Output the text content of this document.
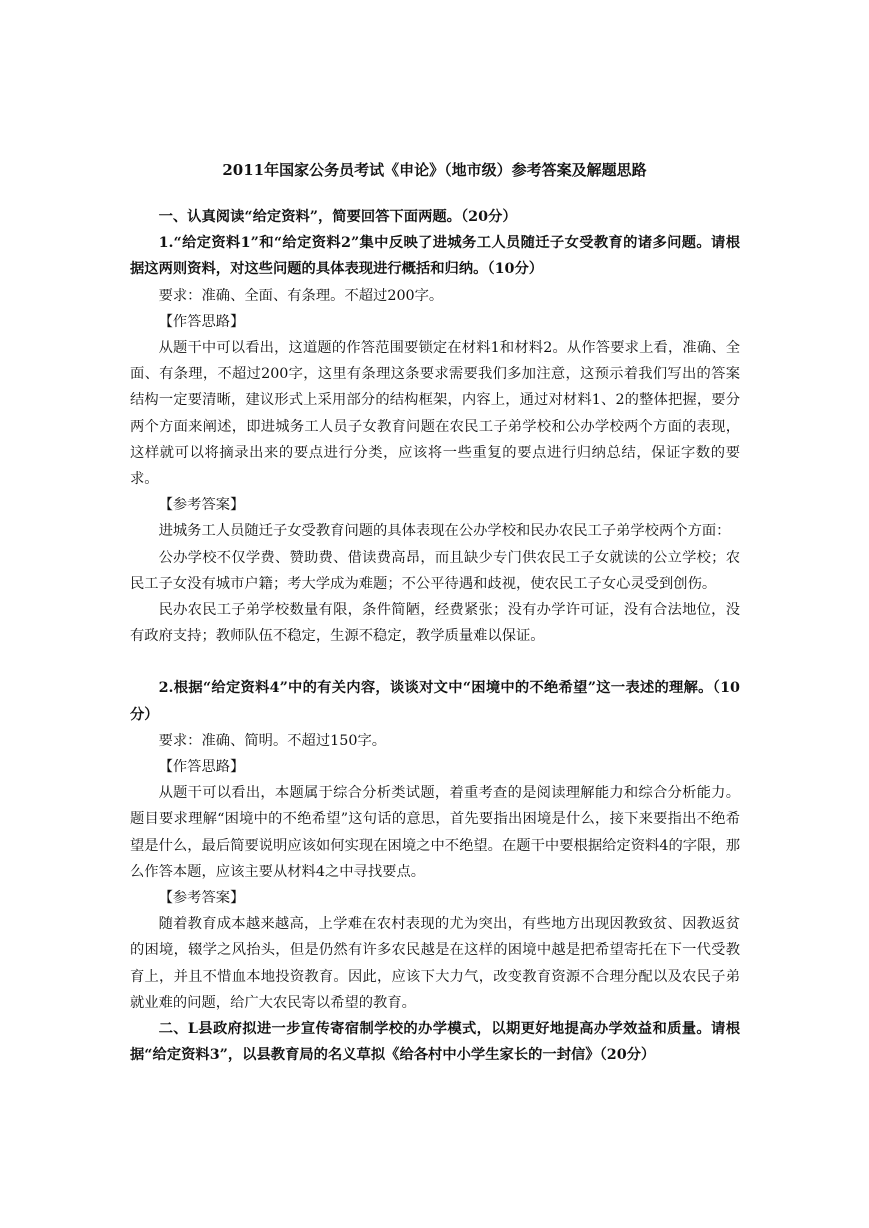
2011年国家公务员考试《申论》（地市级）参考答案及解题思路

一、认真阅读“给定资料”，简要回答下面两题。（20分）

1.“给定资料1”和“给定资料2”集中反映了进城务工人员随迁子女受教育的诸多问题。请根据这两则资料，对这些问题的具体表现进行概括和归纳。（10分）

要求：准确、全面、有条理。不超过200字。

【作答思路】

从题干中可以看出，这道题的作答范围要锁定在材料1和材料2。从作答要求上看，准确、全面、有条理，不超过200字，这里有条理这条要求需要我们多加注意，这预示着我们写出的答案结构一定要清晰，建议形式上采用部分的结构框架，内容上，通过对材料1、2的整体把握，要分两个方面来阐述，即进城务工人员子女教育问题在农民工子弟学校和公办学校两个方面的表现，这样就可以将摘录出来的要点进行分类，应该将一些重复的要点进行归纳总结，保证字数的要求。

【参考答案】

进城务工人员随迁子女受教育问题的具体表现在公办学校和民办农民工子弟学校两个方面：

公办学校不仅学费、赞助费、借读费高昂，而且缺少专门供农民工子女就读的公立学校；农民工子女没有城市户籍；考大学成为难题；不公平待遇和歧视，使农民工子女心灵受到创伤。

民办农民工子弟学校数量有限，条件简陋，经费紧张；没有办学许可证，没有合法地位，没有政府支持；教师队伍不稳定，生源不稳定，教学质量难以保证。

2.根据“给定资料4”中的有关内容，谈谈对文中“困境中的不绝希望”这一表述的理解。（10分）

要求：准确、简明。不超过150字。

【作答思路】

从题干可以看出，本题属于综合分析类试题，着重考查的是阅读理解能力和综合分析能力。题目要求理解“困境中的不绝希望”这句话的意思，首先要指出困境是什么，接下来要指出不绝希望是什么，最后简要说明应该如何实现在困境之中不绝望。在题干中要根据给定资料4的字限，那么作答本题，应该主要从材料4之中寻找要点。

【参考答案】

随着教育成本越来越高，上学难在农村表现的尤为突出，有些地方出现因教致贫、因教返贫的困境，辍学之风抬头，但是仍然有许多农民越是在这样的困境中越是把希望寄托在下一代受教育上，并且不惜血本地投资教育。因此，应该下大力气，改变教育资源不合理分配以及农民子弟就业难的问题，给广大农民寄以希望的教育。

二、L县政府拟进一步宣传寄宿制学校的办学模式，以期更好地提高办学效益和质量。请根据“给定资料3”，以县教育局的名义草拟《给各村中小学生家长的一封信》（20分）
